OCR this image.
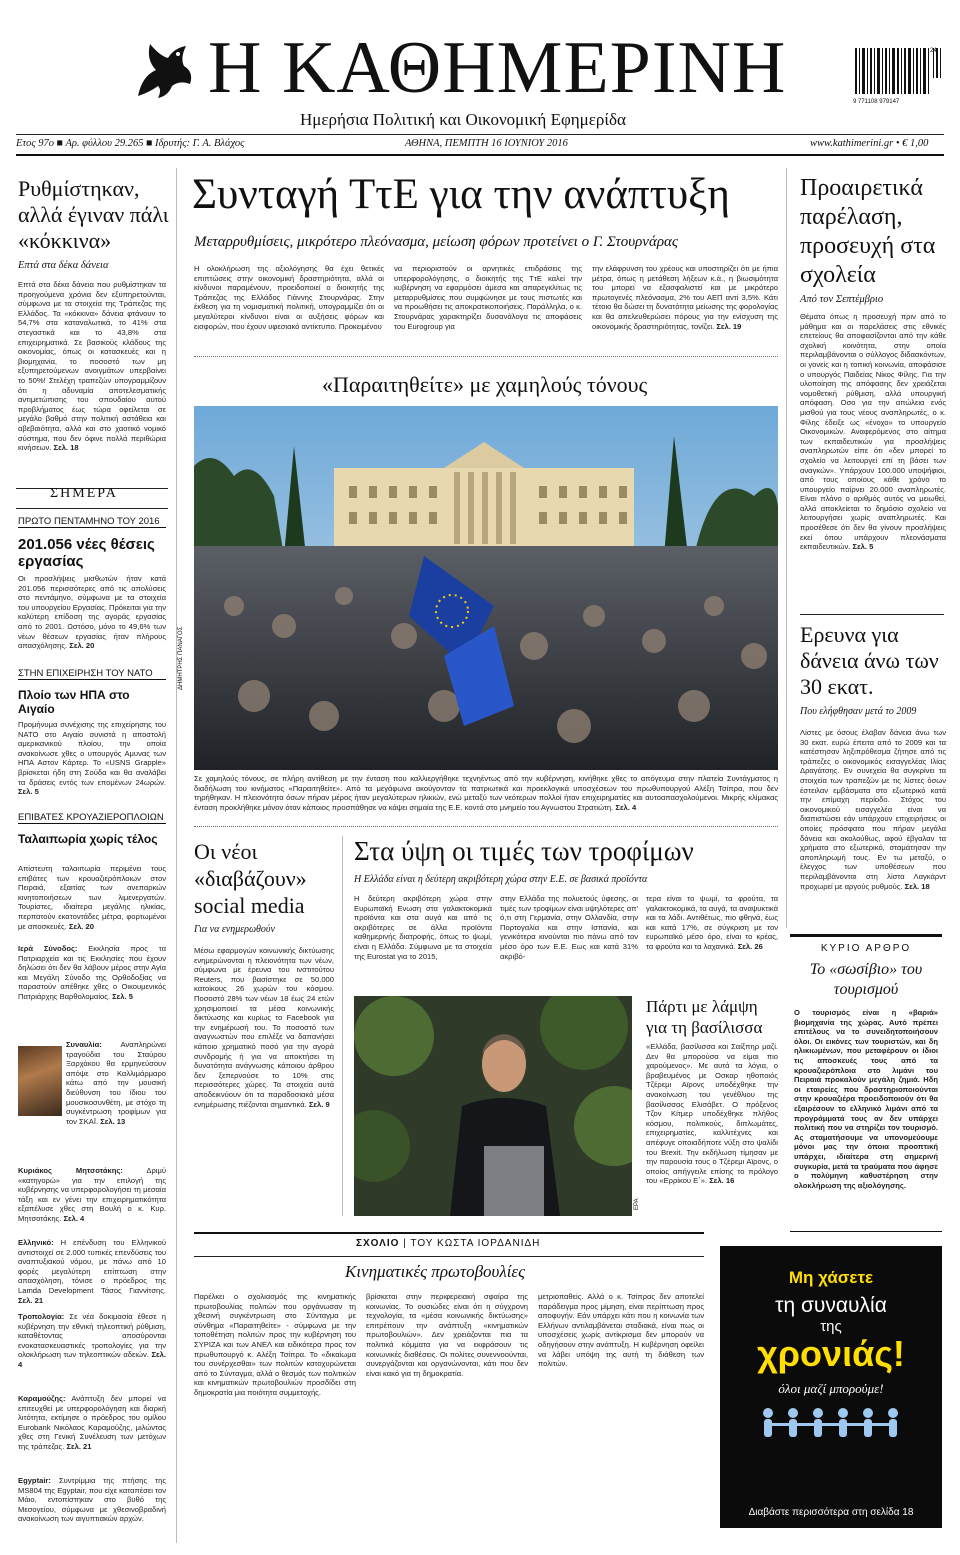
Η ΚΑΘΗΜΕΡΙΝΗ
Ημερήσια Πολιτική και Οικονομική Εφημερίδα
9 771108 979147
24
Ετος 97ο ■ Αρ. φύλλου 29.265 ■ Ιδρυτής: Γ. Α. Βλάχος	ΑΘΗΝΑ, ΠΕΜΠΤΗ 16 ΙΟΥΝΙΟΥ 2016	www.kathimerini.gr • € 1,00
Ρυθμίστηκαν, αλλά έγιναν πάλι «κόκκινα»
Επτά στα δέκα δάνεια
Επτά στα δέκα δάνεια που ρυθμίστηκαν τα προηγούμενα χρόνια δεν εξυπηρετούνται, σύμφωνα με τα στοιχεία της Τράπεζας της Ελλάδος. Τα «κόκκινα» δάνεια φτάνουν το 54,7% στα καταναλωτικά, το 41% στα στεγαστικά και το 43,8% στα επιχειρηματικά. Σε βασικούς κλάδους της οικονομίας, όπως οι κατασκευές και η βιομηχανία, το ποσοστό των μη εξυπηρετούμενων ανοιγμάτων υπερβαίνει το 50%! Στελέχη τραπεζών υπογραμμίζουν ότι η αδυναμία αποτελεσματικής αντιμετώπισης του σπουδαίου αυτού προβλήματος έως τώρα οφείλεται σε μεγάλο βαθμό στην πολιτική αστάθεια και αβεβαιότητα, αλλά και στο χαοτικό νομικό σύστημα, που δεν όφινε πολλά περιθώρια κινήσεων. Σελ. 18
ΣΗΜΕΡΑ
ΠΡΩΤΟ ΠΕΝΤΑΜΗΝΟ ΤΟΥ 2016
201.056 νέες θέσεις εργασίας
Οι προσλήψεις μισθωτών ήταν κατά 201.056 περισσότερες από τις απολύσεις στο πεντάμηνο, σύμφωνα με τα στοιχεία του υπουργείου Εργασίας. Πρόκειται για την καλύτερη επίδοση της αγοράς εργασίας από το 2001. Ωστόσο, μόνο το 49,6% των νέων θέσεων εργασίας ήταν πλήρους απασχόλησης. Σελ. 20
ΣΤΗΝ ΕΠΙΧΕΙΡΗΣΗ ΤΟΥ ΝΑΤΟ
Πλοίο των ΗΠΑ στο Αιγαίο
Προμήνυμα συνέχισης της επιχείρησης του ΝΑΤΟ στο Αιγαίο συνιστά η αποστολή αμερικανικού πλοίου, την οποία ανακοίνωσε χθες ο υπουργός Αμυνας των ΗΠΑ Αστον Κάρτερ. Το «USNS Grapple» βρίσκεται ήδη στη Σούδα και θα αναλάβει τα δράσεις εντός των επομένων 24ωρών. Σελ. 5
ΕΠΙΒΑΤΕΣ ΚΡΟΥΑΖΙΕΡΟΠΛΟΙΩΝ
Ταλαιπωρία χωρίς τέλος
Απίστευτη ταλαιπωρία περιμένει τους επιβάτες των κρουαζιερόπλοιων στον Πειραιά, εξαιτίας των ανεπαρκών κινητοποιήσεων των λιμενεργατών. Τουρίστες, ιδιαίτερα μεγάλης ηλικίας, περπατούν εκατοντάδες μέτρα, φορτωμένοι με αποσκευές. Σελ. 20
Ιερά Σύνοδος: Εκκλησία προς τα Πατριαρχεία και τις Εκκλησίες που έχουν δηλώσει ότι δεν θα λάβουν μέρος στην Αγία και Μεγάλη Σύνοδο της Ορθοδοξίας να παραστούν απέθηκε χθες ο Οικουμενικός Πατριάρχης Βαρθολομαίος. Σελ. 5
Συναυλία: Αναπληρώνει τραγούδια του Σταύρου Ξαρχάκου θα ερμηνεύσουν απόψε στο Καλλιμάρμαρο κάτω από την μουσική διεύθυνση του ίδιου του μουσικοσυνθέτη, με στόχο τη συγκέντρωση τροφίμων για τον ΣΚΑΪ. Σελ. 13
Κυριάκος Μητσοτάκης:	Δριμύ «κατηγορώ» για την επιλογή της κυβέρνησης να υπερφορολογήσει τη μεσαία τάξη και εν γένει την επιχειρηματικότητα εξαπέλυσε χθες στη Βουλή ο κ. Κυρ. Μητσοτάκης. Σελ. 4
Ελληνικό: Η επένδυση του Ελληνικού αντιστοιχεί σε 2.000 τυπικές επενδύσεις του αναπτυξιακού νόμου, με πάνω από 10 φορές μεγαλύτερη επίπτωση στην απασχόληση, τόνισε ο πρόεδρος της Lamda Development Τάσος Γιαννίτσης. Σελ. 21
Τροπολογία: Σε νέα δοκιμασία έθεσε η κυβέρνηση την εθνική τηλεοπτική ρύθμιση, καταθέτοντας αποσύρονται ενοκατασκευαστικές τροπολογίες για την ολοκλήρωση των τηλεοπτικών αδειών. Σελ. 4
Καραμούζης: Ανάπτυξη δεν μπορεί να επιτευχθεί με υπερφορολόγηση και διαρκή λιτότητα, εκτίμησε ο πρόεδρος του ομίλου Eurobank Νικόλαος Καραμούζης, μιλώντας χθες στη Γενική Συνέλευση των μετόχων της τράπεζας. Σελ. 21
Egyptair: Συντρίμμια της πτήσης της MS804 της Egyptair, που είχε καταπέσει τον Μάιο, εντοπίστηκαν στο βυθό της Μεσογείου, σύμφωνα με χθεσινοβραδινή ανακοίνωση των αιγυπτιακών αρχών.
Συνταγή ΤτΕ για την ανάπτυξη
Μεταρρυθμίσεις, μικρότερο πλεόνασμα, μείωση φόρων προτείνει ο Γ. Στουρνάρας
Η ολοκλήρωση της αξιολόγησης θα έχει θετικές επιπτώσεις στην οικονομική δραστηριότητα, αλλά οι κίνδυνοι παραμένουν, προειδοποιεί ο διοικητής της Τράπεζας της Ελλάδος Γιάννης Στουρνάρας. Στην έκθεση για τη νομισματική πολιτική, υπογραμμίζει ότι οι μεγαλύτεροι κίνδυνοι είναι οι αυξήσεις φόρων και εισφορών, που έχουν υφεσιακό αντίκτυπο. Προκειμένου
να περιοριστούν οι αρνητικές επιδράσεις της υπερφορολόγησης, ο διοικητής της ΤτΕ καλεί την κυβέρνηση να εφαρμόσει άμεσα και απαρεγκλίτως τις μεταρρυθμίσεις που συμφώνησε με τους πιστωτές και να προωθήσει τις αποκρατικοποιήσεις. Παράλληλα, ο κ. Στουρνάρας χαρακτηρίζει δυσανάλογα τις αποφάσεις του Eurogroup για
την ελάφρυνση του χρέους και υποστηρίζει ότι με ήπια μέτρα, όπως η μετάθεση λήξεων κ.ά., η βιωσιμότητα του μπορεί να εξασφαλιστεί και με μικρότερο πρωτογενές πλεόνασμα, 2% του ΑΕΠ αντί 3,5%. Κάτι τέτοιο θα δώσει τη δυνατότητα μείωσης της φορολογίας και θα απελευθερώσει πόρους για την ενίσχυση της οικονομικής δραστηριότητας, τονίζει. Σελ. 19
«Παραιτηθείτε» με χαμηλούς τόνους
ΔΗΜΗΤΡΗΣ ΠΑΝΑΓΟΣ
Σε χαμηλούς τόνους, σε πλήρη αντίθεση με την ένταση που καλλιεργήθηκε τεχνηέντως από την κυβέρνηση, κινήθηκε χθες το απόγευμα στην πλατεία Συντάγματος η διαδήλωση του κινήματος «Παραιτηθείτε». Από τα μεγάφωνα ακούγονταν τα πατριωτικά και προεκλογικά υποσχέσεων του πρωθυπουργού Αλέξη Τσίπρα, που δεν τηρήθηκαν. Η πλειονότητα όσων πήραν μέρος ήταν μεγαλύτερων ηλικιών, ενώ μεταξύ των νεότερων πολλοί ήταν επιχειρηματίες και αυτοαπασχολούμενοι. Μικρής κλίμακας ένταση προκλήθηκε μόνον όταν κάποιος προσπάθησε να κάψει σημαία της Ε.Ε. κοντά στο μνημείο του Αγνωστου Στρατιώτη. Σελ. 4
Οι νέοι «διαβάζουν» social media
Για να ενημερωθούν
Μέσω εφαρμογών κοινωνικής δικτύωσης ενημερώνονται η πλειονότητα των νέων, σύμφωνα με έρευνα του ινστιτούτου Reuters, που βασίστηκε σε 50.000 κατοίκους 26 χωρών του κόσμου. Ποσοστό 28% των νέων 18 έως 24 ετών χρησιμοποιεί τα μέσα κοινωνικής δικτύωσης και κυρίως το Facebook για την ενημέρωσή του. Το ποσοστό των αναγνωστών που επιλέξε να δαπανήσει κάποιο χρηματικό ποσό για την αγορά συνδρομής ή για να αποκτήσει τη δυνατότητα ανάγνωσης κάποιου άρθρου δεν ξεπερνούσε το 10% στις περισσότερες χώρες. Τα στοιχεία αυτά αποδεικνύουν ότι τα παραδοσιακά μέσα ενημέρωσης πιέζονται σημαντικά. Σελ. 9
Στα ύψη οι τιμές των τροφίμων
Η Ελλάδα είναι η δεύτερη ακριβότερη χώρα στην Ε.Ε. σε βασικά προϊόντα
Η δεύτερη ακριβότερη χώρα στην Ευρωπαϊκή Ενωση στα γαλακτοκομικά προϊόντα και στα αυγά και από τις ακριβότερες σε άλλα προϊόντα καθημερινής διατροφής, όπως το ψωμί, είναι η Ελλάδα. Σύμφωνα με τα στοιχεία της Eurostat για το 2015,
στην Ελλάδα της πολυετούς ύφεσης, οι τιμές των τροφίμων είναι υψηλότερες απ' ό,τι στη Γερμανία, στην Ολλανδία, στην Πορτογαλία και στην Ισπανία, και γενικότερα κινούνται πιο πάνω από τον μέσο όρο των Ε.Ε. Εως και κατά 31% ακριβό-
τερα είναι το ψωμί, τα φρούτα, τα γαλακτοκομικά, τα αυγά, τα αναψυκτικά και τα λάδι. Αντιθέτως, πιο φθηνά, έως και κατά 17%, σε σύγκριση με τον ευρωπαϊκό μέσο όρο, είναι το κρέας, τα φρούτα και τα λαχανικά. Σελ. 26
EPA
Πάρτι με λάμψη για τη βασίλισσα
«Ελλάδα, βασίλισσα και Σαίξπηρ μαζί. Δεν θα μπορούσα να είμαι πιο χαρούμενος». Με αυτά τα λόγια, ο βραβευμένος με Οσκαρ ηθοποιός Τζέρεμι Αϊρονς υποδέχθηκε την ανακοίνωση του γενέθλιου της βασίλισσας Ελισάβετ. Ο πρόξενος Τζον Κίτμερ υποδέχθηκε πλήθος κόσμου, πολιτικούς, διπλωμάτες, επιχειρηματίες, καλλιτέχνες και απέφυγε οποιαδήποτε νύξη στο ψαλίδι του Brexit. Την εκδήλωση τίμησαν με την παρουσία τους ο Τζέρεμι Αϊρονς, ο οποίος απήγγειλε επίσης το πρόλογο του «Ερρίκου Ε΄». Σελ. 16
ΣΧΟΛΙΟ | ΤΟΥ ΚΩΣΤΑ ΙΟΡΔΑΝΙΔΗ
Κινηματικές πρωτοβουλίες
Παρέλκει ο σχολιασμός της κινηματικής πρωτοβουλίας πολιτών που οργάνωσαν τη χθεσινή συγκέντρωση στο Σύνταγμα με σύνθημα «Παραιτηθείτε» - σύμφωνα με την τοποθέτηση πολιτών προς την κυβέρνηση του ΣΥΡΙΖΑ και των ΑΝΕΛ και ειδικότερα προς τον πρωθυπουργό κ. Αλέξη Τσίπρα. Το «δικαίωμα του συνέρχεσθαι» των πολιτών κατοχυρώνεται από το Σύνταγμα, αλλά ο θεσμός των πολιτικών και κινηματικών πρωτοβουλιών προσδίδει στη δημοκρατία μια ποιότητα συμμετοχής.
βρίσκεται στην περιφερειακή σφαίρα της κοινωνίας. Το ουσιώδες είναι ότι η σύγχρονη τεχνολογία, τα «μέσα κοινωνικής δικτύωσης» επιτρέπουν την ανάπτυξη «κινηματικών πρωτοβουλιών». Δεν χρειάζονται πια τα πολιτικά κόμματα για να εκφράσουν τις κοινωνικές διαθέσεις. Οι πολίτες συνεννοούνται, συνεργάζονται και οργανώνονται, κάτι που δεν είναι κακό για τη δημοκρατία.
μετριοπαθείς. Αλλά ο κ. Τσίπρας δεν αποτελεί παράδειγμα προς μίμηση, είναι περίπτωση προς αποφυγήν. Εάν υπάρχει κάτι που η κοινωνία των Ελλήνων αντιλαμβάνεται σταδιακά, είναι πως οι υποσχέσεις χωρίς αντίκρισμα δεν μπορούν να οδηγήσουν στην ανάπτυξη. Η κυβέρνηση οφείλει να λάβει υπόψη της αυτή τη διάθεση των πολιτών.
Προαιρετικά παρέλαση, προσευχή στα σχολεία
Από τον Σεπτέμβριο
Θέματα όπως η προσευχή πριν από το μάθημα και οι παρελάσεις στις εθνικές επετείους θα αποφασίζονται από την κάθε σχολική κοινότητα, στην οποία περιλαμβάνονται ο σύλλογος διδασκόντων, οι γονείς και η τοπική κοινωνία, αποφάσισε ο υπουργός Παιδείας Νίκος Φίλης. Για την υλοποίηση της απόφασης δεν χρειάζεται νομοθετική ρύθμιση, αλλά υπουργική απόφαση. Οσο για την απώλεια ενός μισθού για τους νέους αναπληρωτές, ο κ. Φίλης έδειξε ως «ένοχο» το υπουργείο Οικονομικών. Αναφερόμενος στο αίτημα των εκπαιδευτικών για προσλήψεις αναπληρωτών είπε ότι «δεν μπορεί το σχολείο να λειτουργεί επί τη βάσει των αναγκών». Υπάρχουν 100.000 υποψήφιοι, από τους οποίους κάθε χρόνο το υπουργείο παίρνει 20.000 αναπληρωτές. Είναι πλάνο ο αριθμός αυτός να μειωθεί, αλλά αποκλείεται το δημόσιο σχολείο να λειτουργήσει χωρίς αναπληρωτές. Και προσέθεσε ότι δεν θα γίνουν προσλήψεις εκεί όπου υπάρχουν πλεονάσματα εκπαιδευτικών. Σελ. 5
Ερευνα για δάνεια άνω των 30 εκατ.
Που ελήφθησαν μετά το 2009
Λίστες με όσους έλαβαν δάνεια άνω των 30 εκατ. ευρώ έπειτα από το 2009 και τα κατέστησαν ληξιπρόθεσμα ζήτησε από τις τράπεζες ο οικονομικός εισαγγελέας Ιλίας Δραγάτσης. Εν συνεχεία θα συγκρίνει τα στοιχεία των τραπεζών με τις λίστες όσων έστειλαν εμβάσματα στο εξωτερικό κατά την επίμαχη περίοδο. Στόχος του οικονομικού εισαγγελέα είναι να διαπιστώσει εάν υπάρχουν επιχειρήσεις οι οποίες πρόσφατα που πήραν μεγάλα δάνεια και ακολούθως, αφού έβγαλαν τα χρήματα στο εξωτερικό, σταμάτησαν την αποπληρωμή τους. Εν τω μεταξύ, ο έλεγχος των υποθέσεων που περιλαμβάνονται στη λίστα Λαγκάρντ προχωρεί με αργούς ρυθμούς. Σελ. 18
ΚΥΡΙΟ ΑΡΘΡΟ
Το «σωσίβιο» του τουρισμού
Ο τουρισμός είναι η «βαριά» βιομηχανία της χώρας. Αυτό πρέπει επιτέλους να το συνειδητοποιήσουν όλοι. Οι εικόνες των τουριστών, και δη ηλικιωμένων, που μεταφέρουν οι ίδιοι τις αποσκευές τους από τα κρουαζιερόπλοια στο λιμάνι του Πειραιά προκαλούν μεγάλη ζημιά. Ηδη οι εταιρείες που δραστηριοποιούνται στην κρουαζιέρα προειδοποιούν ότι θα εξαιρέσουν το ελληνικό λιμάνι από τα προγράμματά τους αν δεν υπάρχει πολιτική που να στηρίζει τον τουρισμό. Ας σταματήσουμε να υπονομεύουμε μόνοι μας την όποια προοπτική υπάρχει, ιδιαίτερα στη σημερινή συγκυρία, μετά τα τραύματα που άφησε ο πολύμηνη καθυστέρηση στην ολοκλήρωση της αξιολόγησης.
Μη χάσετε
τη συναυλία
της
χρονιάς!
όλοι μαζί μπορούμε!
Διαβάστε περισσότερα στη σελίδα 18
